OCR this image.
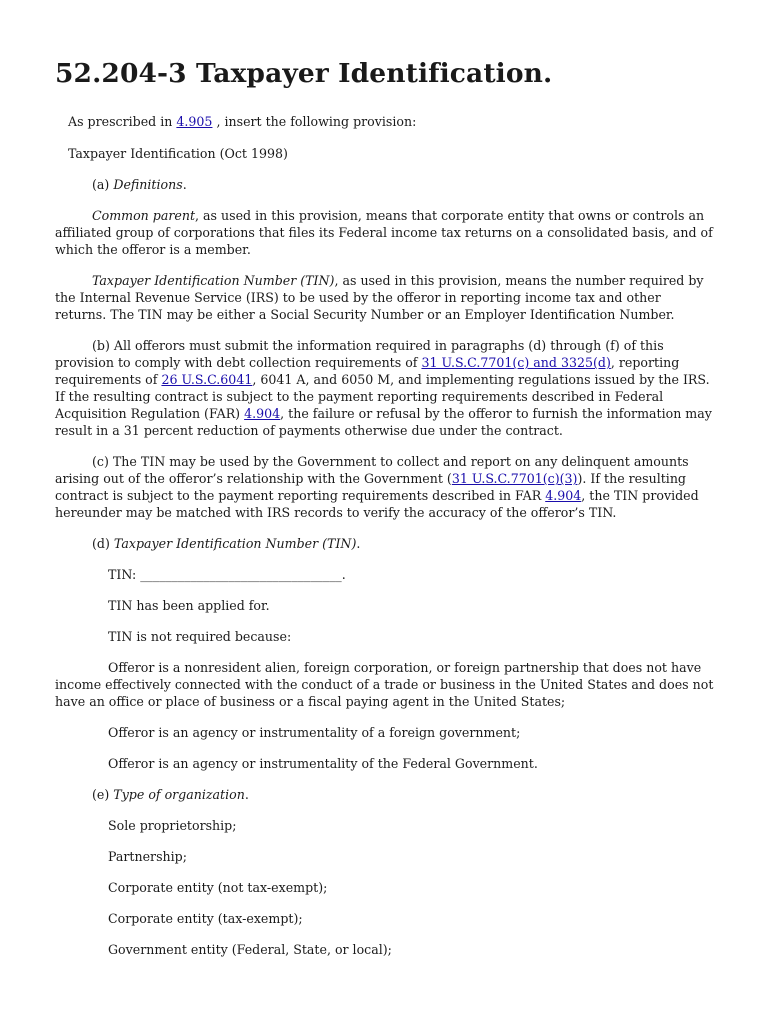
52.204-3 Taxpayer Identification.

As prescribed in 4.905 , insert the following provision:

Taxpayer Identification (Oct 1998)

(a) Definitions.

Common parent, as used in this provision, means that corporate entity that owns or controls an affiliated group of corporations that files its Federal income tax returns on a consolidated basis, and of which the offeror is a member.

Taxpayer Identification Number (TIN), as used in this provision, means the number required by the Internal Revenue Service (IRS) to be used by the offeror in reporting income tax and other returns. The TIN may be either a Social Security Number or an Employer Identification Number.

(b) All offerors must submit the information required in paragraphs (d) through (f) of this provision to comply with debt collection requirements of 31 U.S.C.7701(c) and 3325(d), reporting requirements of 26 U.S.C.6041, 6041 A, and 6050 M, and implementing regulations issued by the IRS. If the resulting contract is subject to the payment reporting requirements described in Federal Acquisition Regulation (FAR) 4.904, the failure or refusal by the offeror to furnish the information may result in a 31 percent reduction of payments otherwise due under the contract.

(c) The TIN may be used by the Government to collect and report on any delinquent amounts arising out of the offeror’s relationship with the Government (31 U.S.C.7701(c)(3)). If the resulting contract is subject to the payment reporting requirements described in FAR 4.904, the TIN provided hereunder may be matched with IRS records to verify the accuracy of the offeror’s TIN.

(d) Taxpayer Identification Number (TIN).

TIN: ________________________________.

TIN has been applied for.

TIN is not required because:

Offeror is a nonresident alien, foreign corporation, or foreign partnership that does not have income effectively connected with the conduct of a trade or business in the United States and does not have an office or place of business or a fiscal paying agent in the United States;

Offeror is an agency or instrumentality of a foreign government;

Offeror is an agency or instrumentality of the Federal Government.

(e) Type of organization.

Sole proprietorship;

Partnership;

Corporate entity (not tax-exempt);

Corporate entity (tax-exempt);

Government entity (Federal, State, or local);
